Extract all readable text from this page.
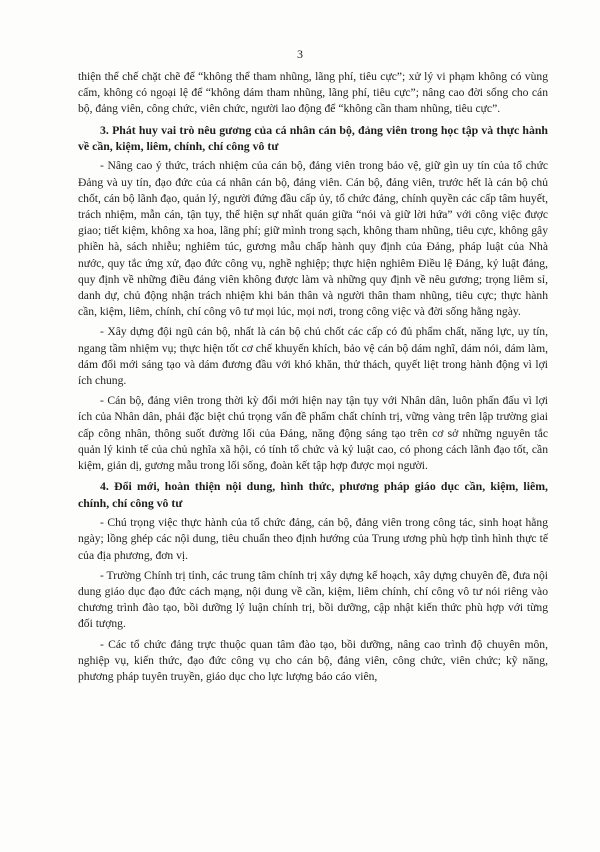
3

thiện thể chế chặt chẽ để “không thể tham nhũng, lãng phí, tiêu cực”; xử lý vi phạm không có vùng cấm, không có ngoại lệ để “không dám tham nhũng, lãng phí, tiêu cực”; nâng cao đời sống cho cán bộ, đảng viên, công chức, viên chức, người lao động để “không cần tham nhũng, tiêu cực”.

3. Phát huy vai trò nêu gương của cá nhân cán bộ, đảng viên trong học tập và thực hành về cần, kiệm, liêm, chính, chí công vô tư

- Nâng cao ý thức, trách nhiệm của cán bộ, đảng viên trong bảo vệ, giữ gìn uy tín của tổ chức Đảng và uy tín, đạo đức của cá nhân cán bộ, đảng viên. Cán bộ, đảng viên, trước hết là cán bộ chủ chốt, cán bộ lãnh đạo, quản lý, người đứng đầu cấp ủy, tổ chức đảng, chính quyền các cấp tâm huyết, trách nhiệm, mẫn cán, tận tụy, thể hiện sự nhất quán giữa “nói và giữ lời hứa” với công việc được giao; tiết kiệm, không xa hoa, lãng phí; giữ mình trong sạch, không tham nhũng, tiêu cực, không gây phiền hà, sách nhiễu; nghiêm túc, gương mẫu chấp hành quy định của Đảng, pháp luật của Nhà nước, quy tắc ứng xử, đạo đức công vụ, nghề nghiệp; thực hiện nghiêm Điều lệ Đảng, kỷ luật đảng, quy định về những điều đảng viên không được làm và những quy định về nêu gương; trọng liêm sỉ, danh dự, chủ động nhận trách nhiệm khi bản thân và người thân tham nhũng, tiêu cực; thực hành cần, kiệm, liêm, chính, chí công vô tư mọi lúc, mọi nơi, trong công việc và đời sống hằng ngày.

- Xây dựng đội ngũ cán bộ, nhất là cán bộ chủ chốt các cấp có đủ phẩm chất, năng lực, uy tín, ngang tầm nhiệm vụ; thực hiện tốt cơ chế khuyến khích, bảo vệ cán bộ dám nghĩ, dám nói, dám làm, dám đổi mới sáng tạo và dám đương đầu với khó khăn, thử thách, quyết liệt trong hành động vì lợi ích chung.

- Cán bộ, đảng viên trong thời kỳ đổi mới hiện nay tận tụy với Nhân dân, luôn phấn đấu vì lợi ích của Nhân dân, phải đặc biệt chú trọng vấn đề phẩm chất chính trị, vững vàng trên lập trường giai cấp công nhân, thông suốt đường lối của Đảng, năng động sáng tạo trên cơ sở những nguyên tắc quản lý kinh tế của chủ nghĩa xã hội, có tính tổ chức và kỷ luật cao, có phong cách lãnh đạo tốt, cần kiệm, giản dị, gương mẫu trong lối sống, đoàn kết tập hợp được mọi người.

4. Đổi mới, hoàn thiện nội dung, hình thức, phương pháp giáo dục cần, kiệm, liêm, chính, chí công vô tư

- Chú trọng việc thực hành của tổ chức đảng, cán bộ, đảng viên trong công tác, sinh hoạt hằng ngày; lồng ghép các nội dung, tiêu chuẩn theo định hướng của Trung ương phù hợp tình hình thực tế của địa phương, đơn vị.

- Trường Chính trị tỉnh, các trung tâm chính trị xây dựng kế hoạch, xây dựng chuyên đề, đưa nội dung giáo dục đạo đức cách mạng, nội dung về cần, kiệm, liêm chính, chí công vô tư nói riêng vào chương trình đào tạo, bồi dưỡng lý luận chính trị, bồi dưỡng, cập nhật kiến thức phù hợp với từng đối tượng.

- Các tổ chức đảng trực thuộc quan tâm đào tạo, bồi dưỡng, nâng cao trình độ chuyên môn, nghiệp vụ, kiến thức, đạo đức công vụ cho cán bộ, đảng viên, công chức, viên chức; kỹ năng, phương pháp tuyên truyền, giáo dục cho lực lượng báo cáo viên,
